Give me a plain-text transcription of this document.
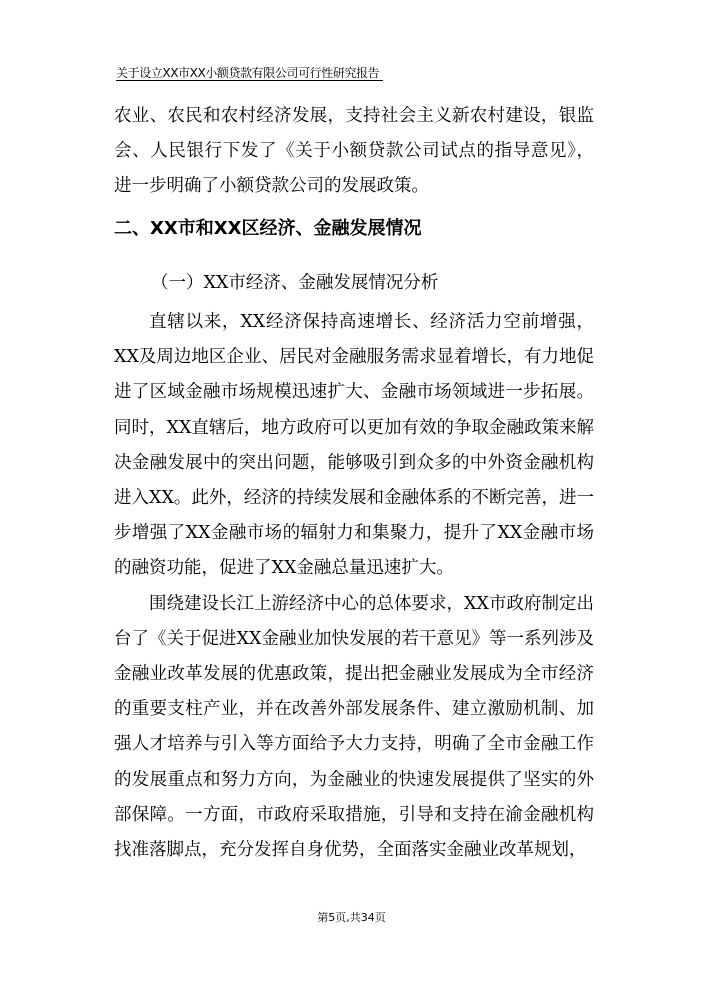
关于设立XX市XX小额贷款有限公司可行性研究报告

农业、农民和农村经济发展，支持社会主义新农村建设，银监会、人民银行下发了《关于小额贷款公司试点的指导意见》，进一步明确了小额贷款公司的发展政策。

二、XX市和XX区经济、金融发展情况
（一）XX市经济、金融发展情况分析

直辖以来，XX经济保持高速增长、经济活力空前增强，XX及周边地区企业、居民对金融服务需求显着增长，有力地促进了区域金融市场规模迅速扩大、金融市场领域进一步拓展。同时，XX直辖后，地方政府可以更加有效的争取金融政策来解决金融发展中的突出问题，能够吸引到众多的中外资金融机构进入XX。此外，经济的持续发展和金融体系的不断完善，进一步增强了XX金融市场的辐射力和集聚力，提升了XX金融市场的融资功能，促进了XX金融总量迅速扩大。

围绕建设长江上游经济中心的总体要求，XX市政府制定出台了《关于促进XX金融业加快发展的若干意见》等一系列涉及金融业改革发展的优惠政策，提出把金融业发展成为全市经济的重要支柱产业，并在改善外部发展条件、建立激励机制、加强人才培养与引入等方面给予大力支持，明确了全市金融工作的发展重点和努力方向，为金融业的快速发展提供了坚实的外部保障。一方面，市政府采取措施，引导和支持在渝金融机构找准落脚点，充分发挥自身优势，全面落实金融业改革规划，

第5页,共34页
